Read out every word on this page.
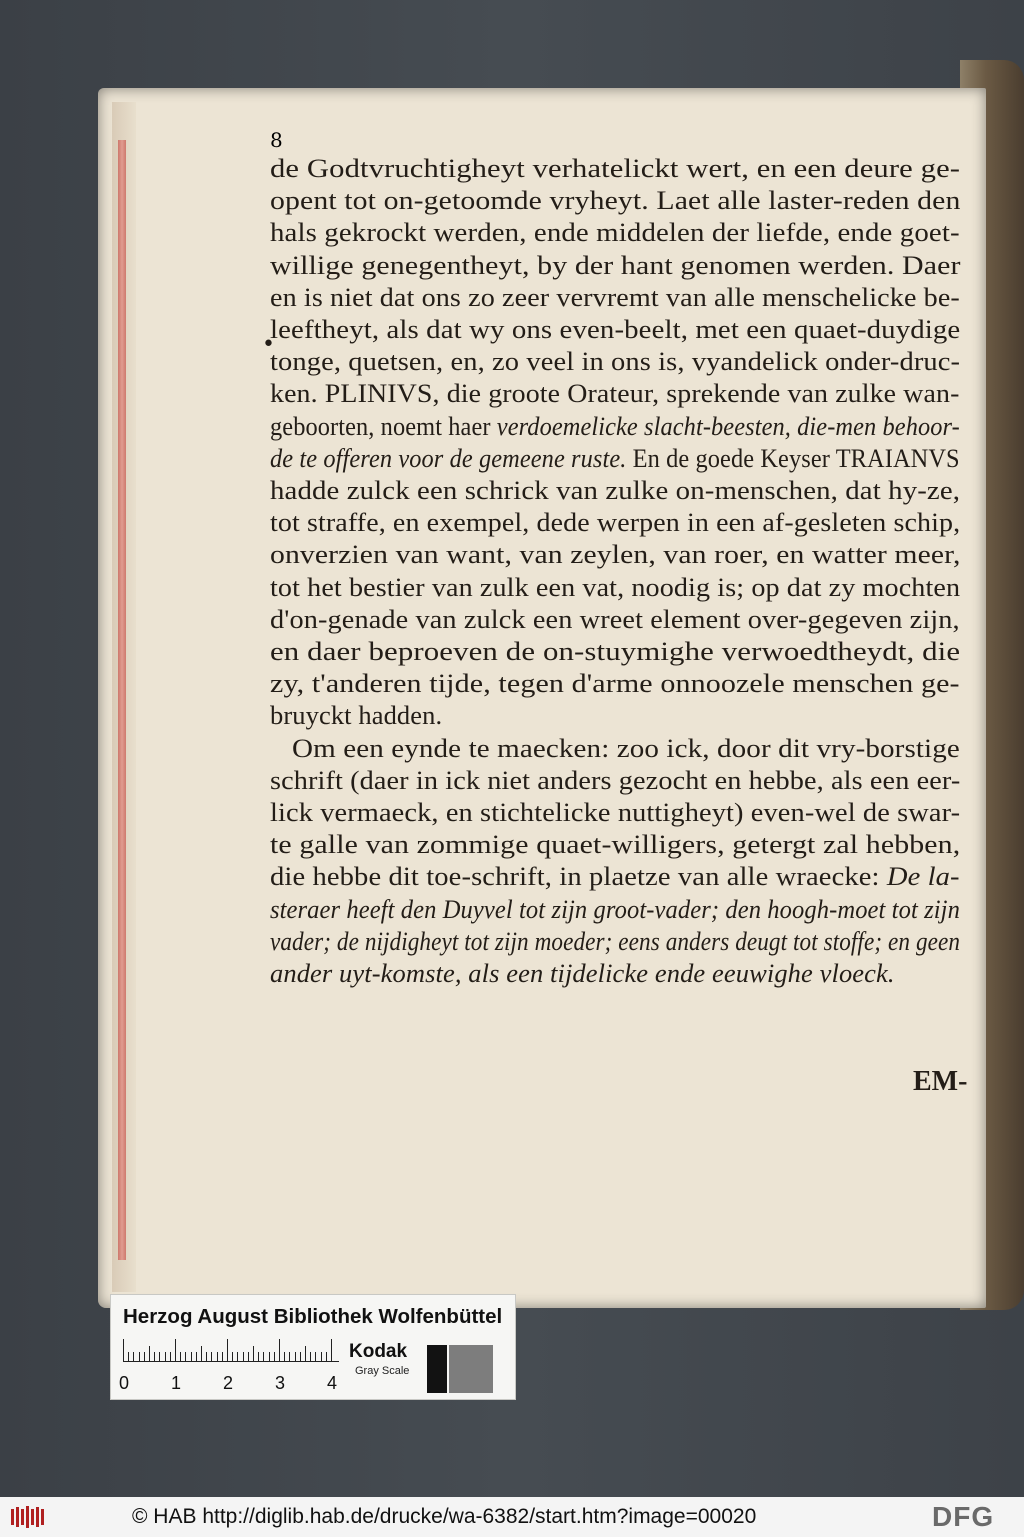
de Godtvruchtigheyt verhatelickt wert, en een deure ge-
opent tot on-getoomde vryheyt. Laet alle laster-reden den
hals gekrockt werden, ende middelen der liefde, ende goet-
willige genegentheyt, by der hant genomen werden. Daer
en is niet dat ons zo zeer vervremt van alle menschelicke be-
leeftheyt, als dat wy ons even-beelt, met een quaet-duydige
tonge, quetsen, en, zo veel in ons is, vyandelick onder-druc-
ken. PLINIVS, die groote Orateur, sprekende van zulke wan-
geboorten, noemt haer verdoemelicke slacht-beesten, die-men behoor-
de te offeren voor de gemeene ruste. En de goede Keyser TRAIANVS
hadde zulck een schrick van zulke on-menschen, dat hy-ze,
tot straffe, en exempel, dede werpen in een af-gesleten schip,
onverzien van want, van zeylen, van roer, en watter meer,
tot het bestier van zulk een vat, noodig is; op dat zy mochten
d'on-genade van zulck een wreet element over-gegeven zijn,
en daer beproeven de on-stuymighe verwoedtheydt, die
zy, t'anderen tijde, tegen d'arme onnoozele menschen ge-
bruyckt hadden.
Om een eynde te maecken: zoo ick, door dit vry-borstige
schrift (daer in ick niet anders gezocht en hebbe, als een eer-
lick vermaeck, en stichtelicke nuttigheyt) even-wel de swar-
te galle van zommige quaet-willigers, getergt zal hebben,
die hebbe dit toe-schrift, in plaetze van alle wraecke: De la-
steraer heeft den Duyvel tot zijn groot-vader; den hoogh-moet tot zijn
vader; de nijdigheyt tot zijn moeder; eens anders deugt tot stoffe; en geen
ander uyt-komste, als een tijdelicke ende eeuwighe vloeck.
8
•
EM-
Herzog August Bibliothek Wolfenbüttel
0 1 2 3 4
Kodak
Gray Scale
© HAB http://diglib.hab.de/drucke/wa-6382/start.htm?image=00020	DFG
